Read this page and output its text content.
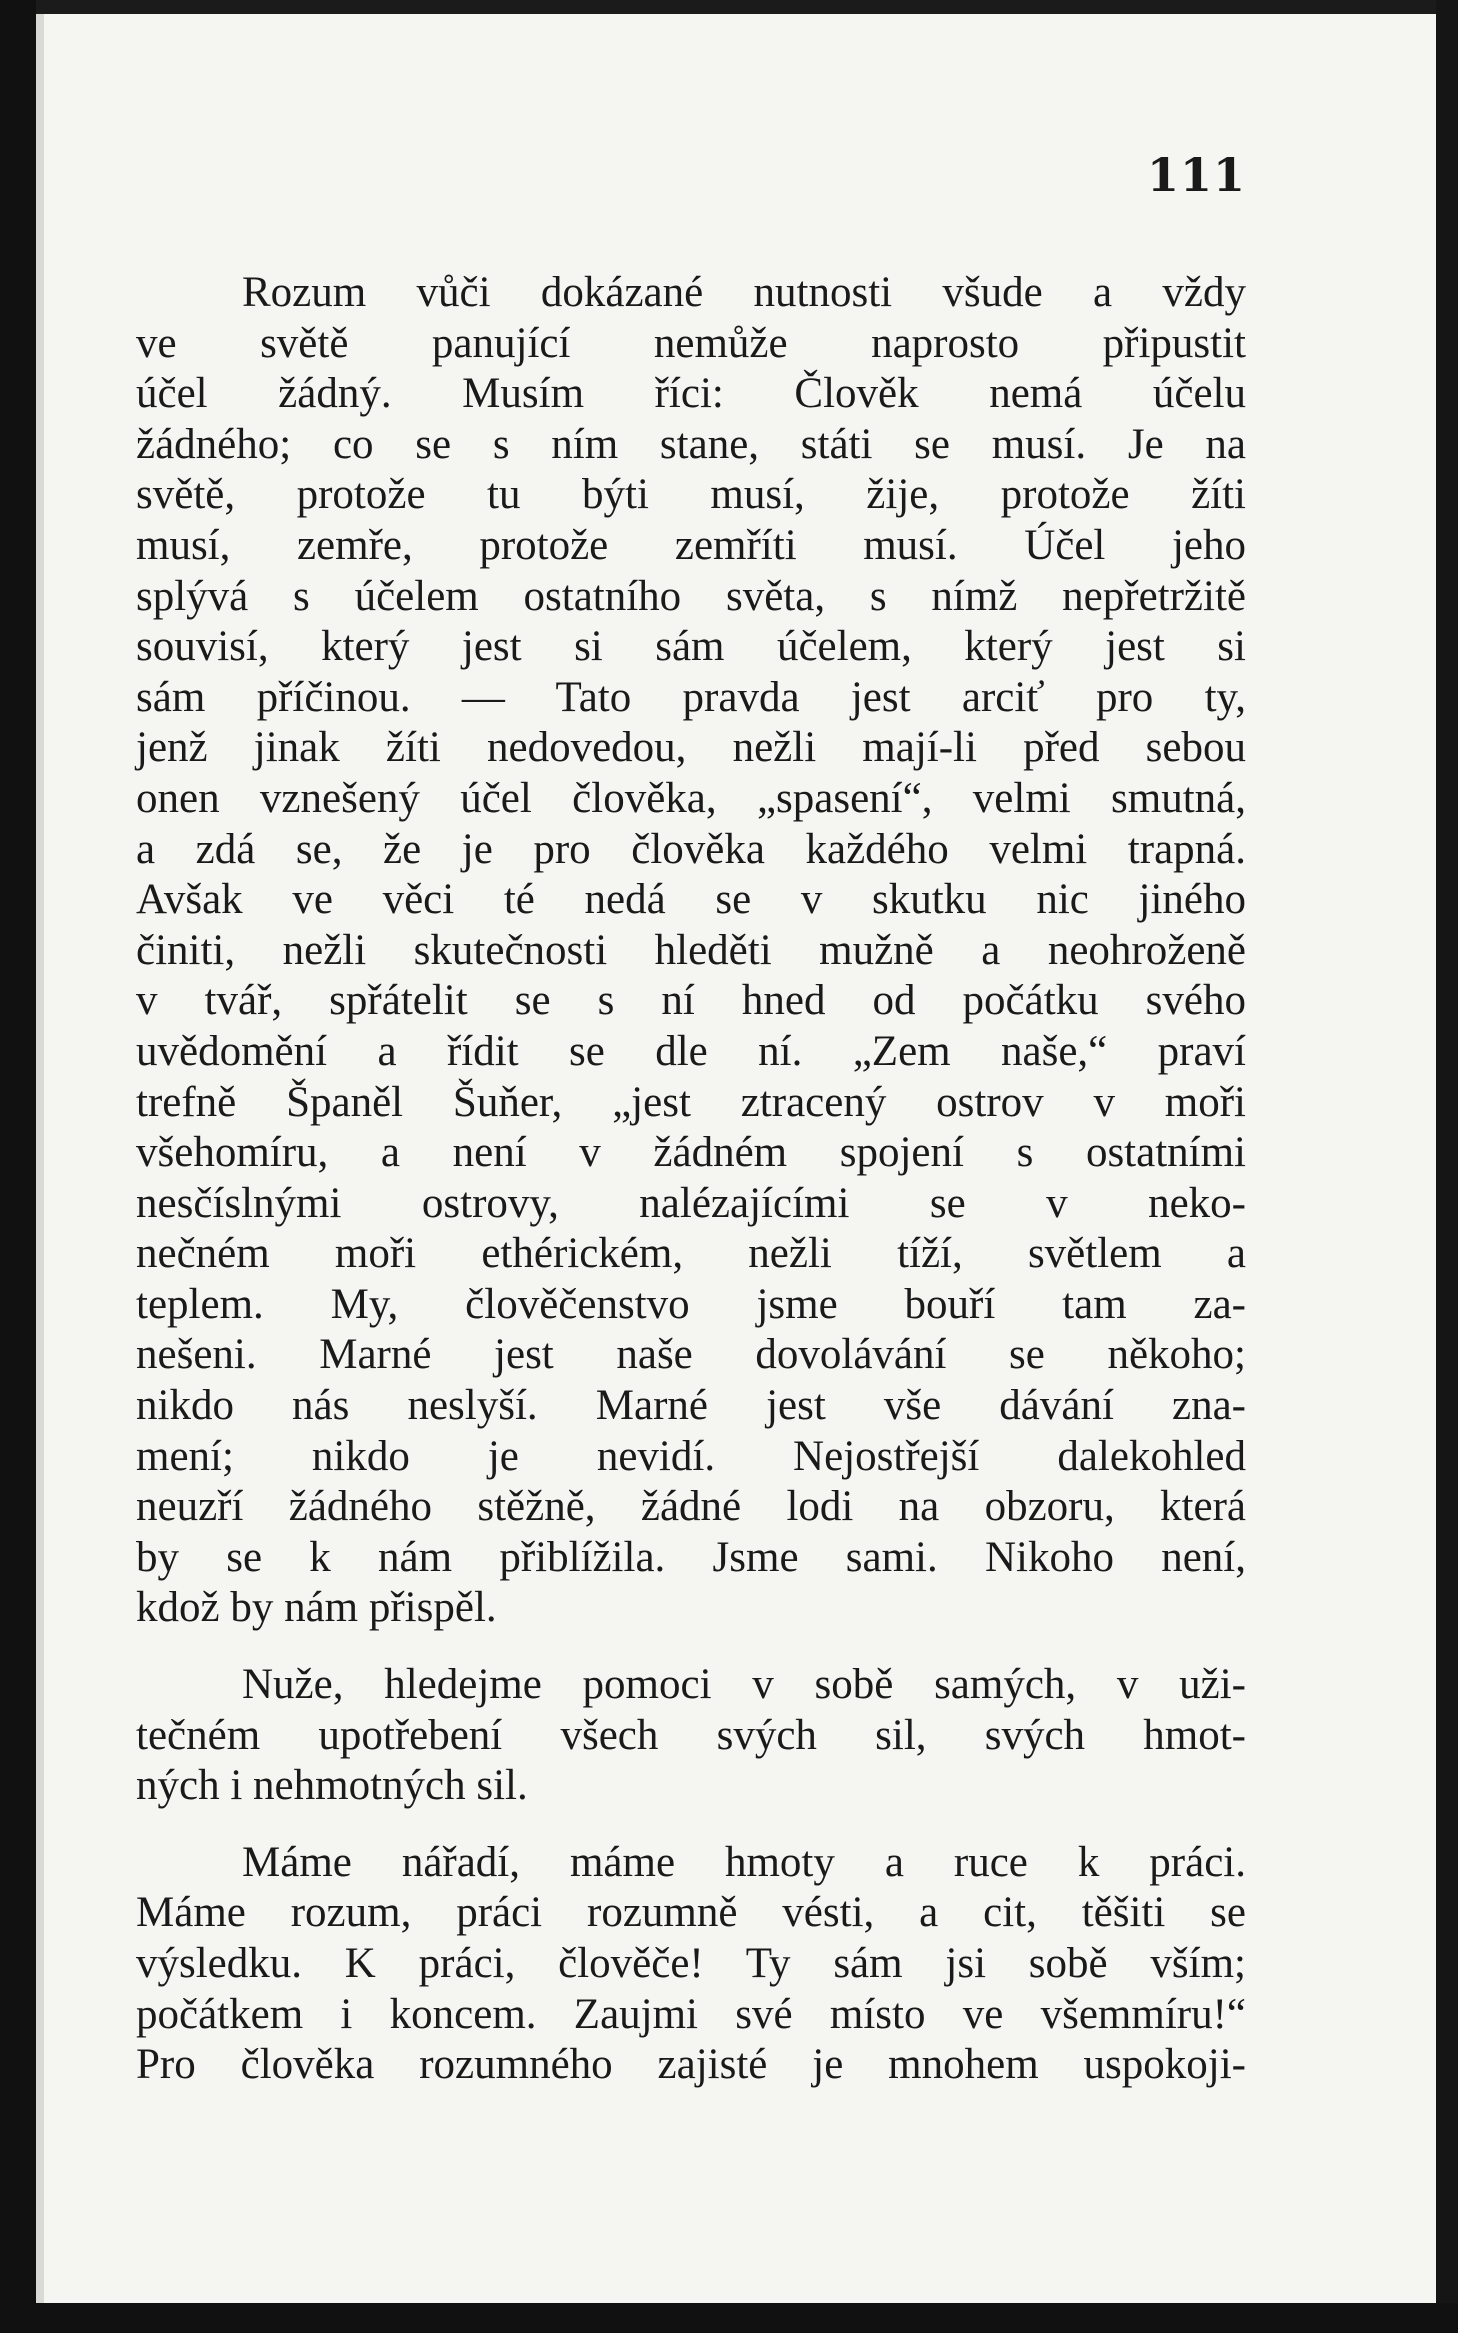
111
Rozum vůči dokázané nutnosti všude a vždy
ve světě panující nemůže naprosto připustit
účel žádný. Musím říci: Člověk nemá účelu
žádného; co se s ním stane, státi se musí. Je na
světě, protože tu býti musí, žije, protože žíti
musí, zemře, protože zemříti musí. Účel jeho
splývá s účelem ostatního světa, s nímž nepřetržitě
souvisí, který jest si sám účelem, který jest si
sám příčinou. — Tato pravda jest arciť pro ty,
jenž jinak žíti nedovedou, nežli mají-li před sebou
onen vznešený účel člověka, „spasení“, velmi smutná,
a zdá se, že je pro člověka každého velmi trapná.
Avšak ve věci té nedá se v skutku nic jiného
činiti, nežli skutečnosti hleděti mužně a neohroženě
v tvář, spřátelit se s ní hned od počátku svého
uvědomění a řídit se dle ní. „Zem naše,“ praví
trefně Španěl Šuňer, „jest ztracený ostrov v moři
všehomíru, a není v žádném spojení s ostatními
nesčíslnými ostrovy, nalézajícími se v neko-
nečném moři ethérickém, nežli tíží, světlem a
teplem. My, člověčenstvo jsme bouří tam za-
nešeni. Marné jest naše dovolávání se někoho;
nikdo nás neslyší. Marné jest vše dávání zna-
mení; nikdo je nevidí. Nejostřejší dalekohled
neuzří žádného stěžně, žádné lodi na obzoru, která
by se k nám přiblížila. Jsme sami. Nikoho není,
kdož by nám přispěl.
Nuže, hledejme pomoci v sobě samých, v uži-
tečném upotřebení všech svých sil, svých hmot-
ných i nehmotných sil.
Máme nářadí, máme hmoty a ruce k práci.
Máme rozum, práci rozumně vésti, a cit, těšiti se
výsledku. K práci, člověče! Ty sám jsi sobě vším;
počátkem i koncem. Zaujmi své místo ve všemmíru!“
Pro člověka rozumného zajisté je mnohem uspokoji-
